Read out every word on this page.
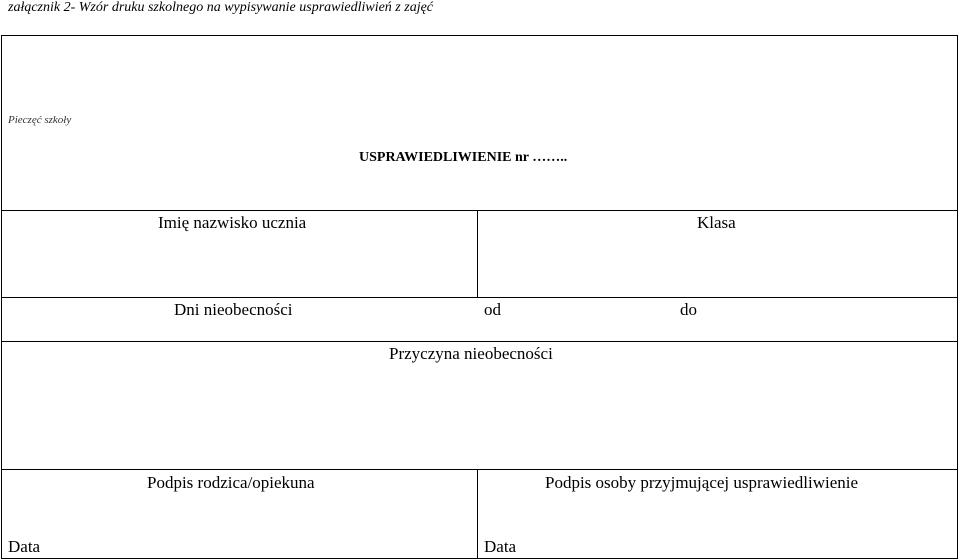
załącznik 2- Wzór druku szkolnego na wypisywanie usprawiedliwień z zajęć
Pieczęć szkoły
USPRAWIEDLIWIENIE nr ……..
Imię nazwisko ucznia	Klasa
Dni nieobecności	od	do
Przyczyna nieobecności
Podpis rodzica/opiekuna	Podpis osoby przyjmującej usprawiedliwienie
Data	Data
